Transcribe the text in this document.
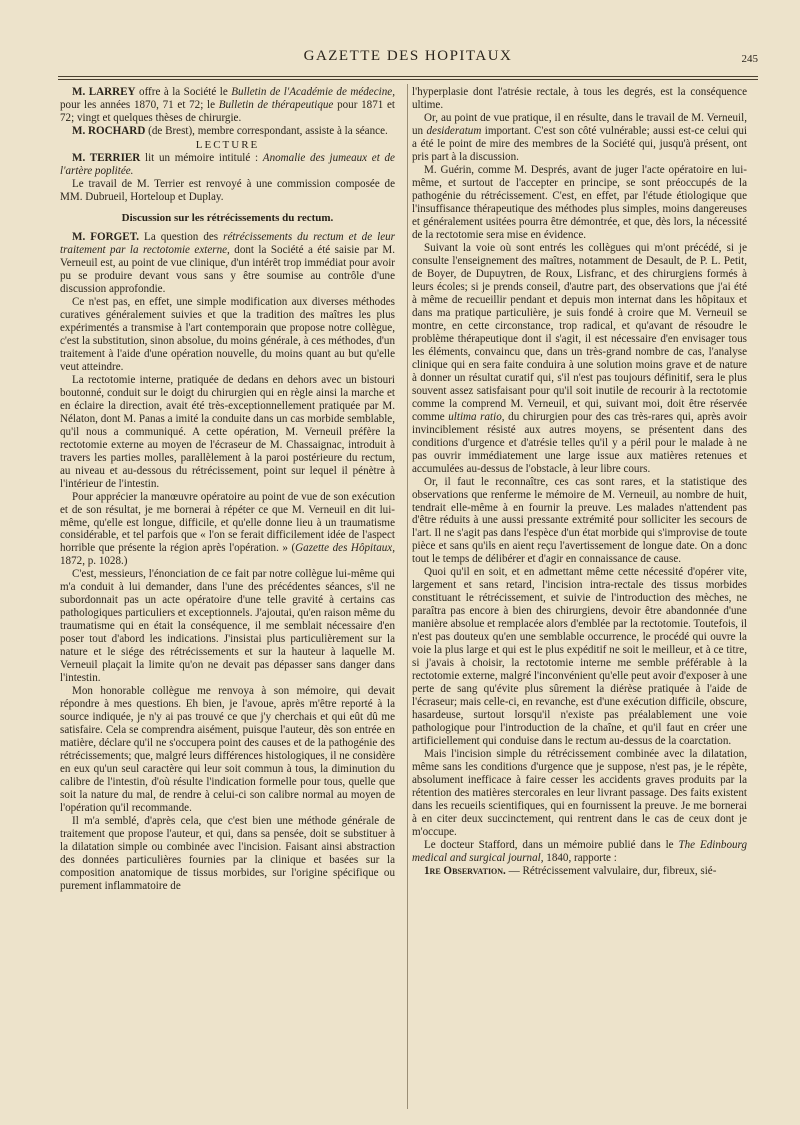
GAZETTE DES HOPITAUX	245

M. LARREY offre à la Société le Bulletin de l'Académie de médecine, pour les années 1870, 71 et 72; le Bulletin de thérapeutique pour 1871 et 72; vingt et quelques thèses de chirurgie.

M. ROCHARD (de Brest), membre correspondant, assiste à la séance.

LECTURE

M. TERRIER lit un mémoire intitulé : Anomalie des jumeaux et de l'artère poplitée.

Le travail de M. Terrier est renvoyé à une commission composée de MM. Dubrueil, Horteloup et Duplay.

Discussion sur les rétrécissements du rectum.

M. FORGET. La question des rétrécissements du rectum et de leur traitement par la rectotomie externe, dont la Société a été saisie par M. Verneuil est, au point de vue clinique, d'un intérêt trop immédiat pour avoir pu se produire devant vous sans y être soumise au contrôle d'une discussion approfondie.

Ce n'est pas, en effet, une simple modification aux diverses méthodes curatives généralement suivies et que la tradition des maîtres les plus expérimentés a transmise à l'art contemporain que propose notre collègue, c'est la substitution, sinon absolue, du moins générale, à ces méthodes, d'un traitement à l'aide d'une opération nouvelle, du moins quant au but qu'elle veut atteindre.

La rectotomie interne, pratiquée de dedans en dehors avec un bistouri boutonné, conduit sur le doigt du chirurgien qui en règle ainsi la marche et en éclaire la direction, avait été très-exceptionnellement pratiquée par M. Nélaton, dont M. Panas a imité la conduite dans un cas morbide semblable, qu'il nous a communiqué. A cette opération, M. Verneuil préfère la rectotomie externe au moyen de l'écraseur de M. Chassaignac, introduit à travers les parties molles, parallèlement à la paroi postérieure du rectum, au niveau et au-dessous du rétrécissement, point sur lequel il pénètre à l'intérieur de l'intestin.

Pour apprécier la manœuvre opératoire au point de vue de son exécution et de son résultat, je me bornerai à répéter ce que M. Verneuil en dit lui-même, qu'elle est longue, difficile, et qu'elle donne lieu à un traumatisme considérable, et tel parfois que « l'on se ferait difficilement idée de l'aspect horrible que présente la région après l'opération. » (Gazette des Hôpitaux, 1872, p. 1028.)

C'est, messieurs, l'énonciation de ce fait par notre collègue lui-même qui m'a conduit à lui demander, dans l'une des précédentes séances, s'il ne subordonnait pas un acte opératoire d'une telle gravité à certains cas pathologiques particuliers et exceptionnels. J'ajoutai, qu'en raison même du traumatisme qui en était la conséquence, il me semblait nécessaire d'en poser tout d'abord les indications. J'insistai plus particulièrement sur la nature et le siége des rétrécissements et sur la hauteur à laquelle M. Verneuil plaçait la limite qu'on ne devait pas dépasser sans danger dans l'intestin.

Mon honorable collègue me renvoya à son mémoire, qui devait répondre à mes questions. Eh bien, je l'avoue, après m'être reporté à la source indiquée, je n'y ai pas trouvé ce que j'y cherchais et qui eût dû me satisfaire. Cela se comprendra aisément, puisque l'auteur, dès son entrée en matière, déclare qu'il ne s'occupera point des causes et de la pathogénie des rétrécissements; que, malgré leurs différences histologiques, il ne considère en eux qu'un seul caractère qui leur soit commun à tous, la diminution du calibre de l'intestin, d'où résulte l'indication formelle pour tous, quelle que soit la nature du mal, de rendre à celui-ci son calibre normal au moyen de l'opération qu'il recommande.

Il m'a semblé, d'après cela, que c'est bien une méthode générale de traitement que propose l'auteur, et qui, dans sa pensée, doit se substituer à la dilatation simple ou combinée avec l'incision. Faisant ainsi abstraction des données particulières fournies par la clinique et basées sur la composition anatomique de tissus morbides, sur l'origine spécifique ou purement inflammatoire de

l'hyperplasie dont l'atrésie rectale, à tous les degrés, est la conséquence ultime.

Or, au point de vue pratique, il en résulte, dans le travail de M. Verneuil, un desideratum important. C'est son côté vulnérable; aussi est-ce celui qui a été le point de mire des membres de la Société qui, jusqu'à présent, ont pris part à la discussion.

M. Guérin, comme M. Després, avant de juger l'acte opératoire en lui-même, et surtout de l'accepter en principe, se sont préoccupés de la pathogénie du rétrécissement. C'est, en effet, par l'étude étiologique que l'insuffisance thérapeutique des méthodes plus simples, moins dangereuses et généralement usitées pourra être démontrée, et que, dès lors, la nécessité de la rectotomie sera mise en évidence.

Suivant la voie où sont entrés les collègues qui m'ont précédé, si je consulte l'enseignement des maîtres, notamment de Desault, de P. L. Petit, de Boyer, de Dupuytren, de Roux, Lisfranc, et des chirurgiens formés à leurs écoles; si je prends conseil, d'autre part, des observations que j'ai été à même de recueillir pendant et depuis mon internat dans les hôpitaux et dans ma pratique particulière, je suis fondé à croire que M. Verneuil se montre, en cette circonstance, trop radical, et qu'avant de résoudre le problème thérapeutique dont il s'agit, il est nécessaire d'en envisager tous les éléments, convaincu que, dans un très-grand nombre de cas, l'analyse clinique qui en sera faite conduira à une solution moins grave et de nature à donner un résultat curatif qui, s'il n'est pas toujours définitif, sera le plus souvent assez satisfaisant pour qu'il soit inutile de recourir à la rectotomie comme la comprend M. Verneuil, et qui, suivant moi, doit être réservée comme ultima ratio, du chirurgien pour des cas très-rares qui, après avoir invinciblement résisté aux autres moyens, se présentent dans des conditions d'urgence et d'atrésie telles qu'il y a péril pour le malade à ne pas ouvrir immédiatement une large issue aux matières retenues et accumulées au-dessus de l'obstacle, à leur libre cours.

Or, il faut le reconnaître, ces cas sont rares, et la statistique des observations que renferme le mémoire de M. Verneuil, au nombre de huit, tendrait elle-même à en fournir la preuve. Les malades n'attendent pas d'être réduits à une aussi pressante extrémité pour solliciter les secours de l'art. Il ne s'agit pas dans l'espèce d'un état morbide qui s'improvise de toute pièce et sans qu'ils en aient reçu l'avertissement de longue date. On a donc tout le temps de délibérer et d'agir en connaissance de cause.

Quoi qu'il en soit, et en admettant même cette nécessité d'opérer vite, largement et sans retard, l'incision intra-rectale des tissus morbides constituant le rétrécissement, et suivie de l'introduction des mèches, ne paraîtra pas encore à bien des chirurgiens, devoir être abandonnée d'une manière absolue et remplacée alors d'emblée par la rectotomie. Toutefois, il n'est pas douteux qu'en une semblable occurrence, le procédé qui ouvre la voie la plus large et qui est le plus expéditif ne soit le meilleur, et à ce titre, si j'avais à choisir, la rectotomie interne me semble préférable à la rectotomie externe, malgré l'inconvénient qu'elle peut avoir d'exposer à une perte de sang qu'évite plus sûrement la diérèse pratiquée à l'aide de l'écraseur; mais celle-ci, en revanche, est d'une exécution difficile, obscure, hasardeuse, surtout lorsqu'il n'existe pas préalablement une voie pathologique pour l'introduction de la chaîne, et qu'il faut en créer une artificiellement qui conduise dans le rectum au-dessus de la coarctation.

Mais l'incision simple du rétrécissement combinée avec la dilatation, même sans les conditions d'urgence que je suppose, n'est pas, je le répète, absolument inefficace à faire cesser les accidents graves produits par la rétention des matières stercorales en leur livrant passage. Des faits existent dans les recueils scientifiques, qui en fournissent la preuve. Je me bornerai à en citer deux succinctement, qui rentrent dans le cas de ceux dont je m'occupe.

Le docteur Stafford, dans un mémoire publié dans le The Edinbourg medical and surgical journal, 1840, rapporte :

1re Observation. — Rétrécissement valvulaire, dur, fibreux, sié-
